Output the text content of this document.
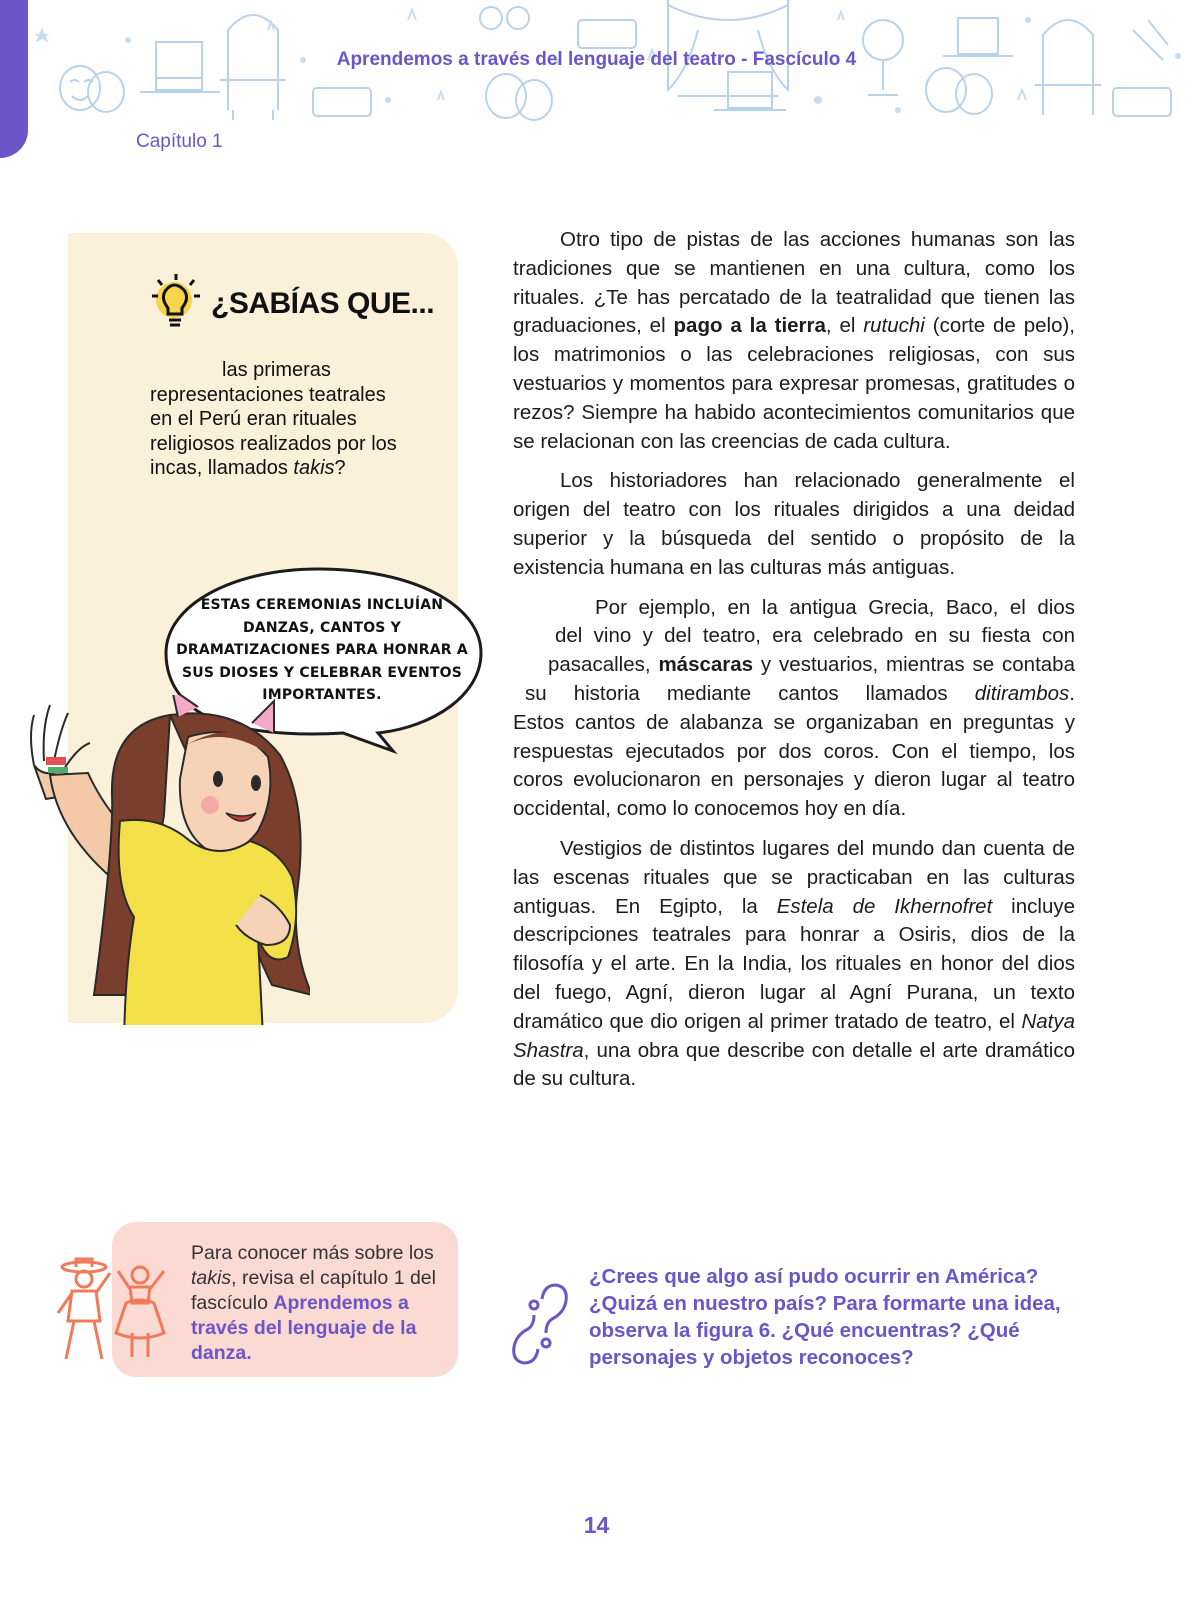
Aprendemos a través del lenguaje del teatro - Fascículo 4
Capítulo 1
¿SABÍAS QUE...
las primeras representaciones teatrales en el Perú eran rituales religiosos realizados por los incas, llamados takis?
ESTAS CEREMONIAS INCLUÍAN DANZAS, CANTOS Y DRAMATIZACIONES PARA HONRAR A SUS DIOSES Y CELEBRAR EVENTOS IMPORTANTES.

Otro tipo de pistas de las acciones humanas son las tradiciones que se mantienen en una cultura, como los rituales. ¿Te has percatado de la teatralidad que tienen las graduaciones, el pago a la tierra, el rutuchi (corte de pelo), los matrimonios o las celebraciones religiosas, con sus vestuarios y momentos para expresar promesas, gratitudes o rezos? Siempre ha habido acontecimientos comunitarios que se relacionan con las creencias de cada cultura.

Los historiadores han relacionado generalmente el origen del teatro con los rituales dirigidos a una deidad superior y la búsqueda del sentido o propósito de la existencia humana en las culturas más antiguas.

Por ejemplo, en la antigua Grecia, Baco, el dios
del vino y del teatro, era celebrado en su fiesta con
pasacalles, máscaras y vestuarios, mientras se contaba
su historia mediante cantos llamados ditirambos.
Estos cantos de alabanza se organizaban en preguntas y respuestas ejecutados por dos coros. Con el tiempo, los coros evolucionaron en personajes y dieron lugar al teatro occidental, como lo conocemos hoy en día.

Vestigios de distintos lugares del mundo dan cuenta de las escenas rituales que se practicaban en las culturas antiguas. En Egipto, la Estela de Ikhernofret incluye descripciones teatrales para honrar a Osiris, dios de la filosofía y el arte. En la India, los rituales en honor del dios del fuego, Agní, dieron lugar al Agní Purana, un texto dramático que dio origen al primer tratado de teatro, el Natya Shastra, una obra que describe con detalle el arte dramático de su cultura.

Para conocer más sobre los takis, revisa el capítulo 1 del fascículo Aprendemos a través del lenguaje de la danza.
¿Crees que algo así pudo ocurrir en América? ¿Quizá en nuestro país? Para formarte una idea, observa la figura 6. ¿Qué encuentras? ¿Qué personajes y objetos reconoces?
14
